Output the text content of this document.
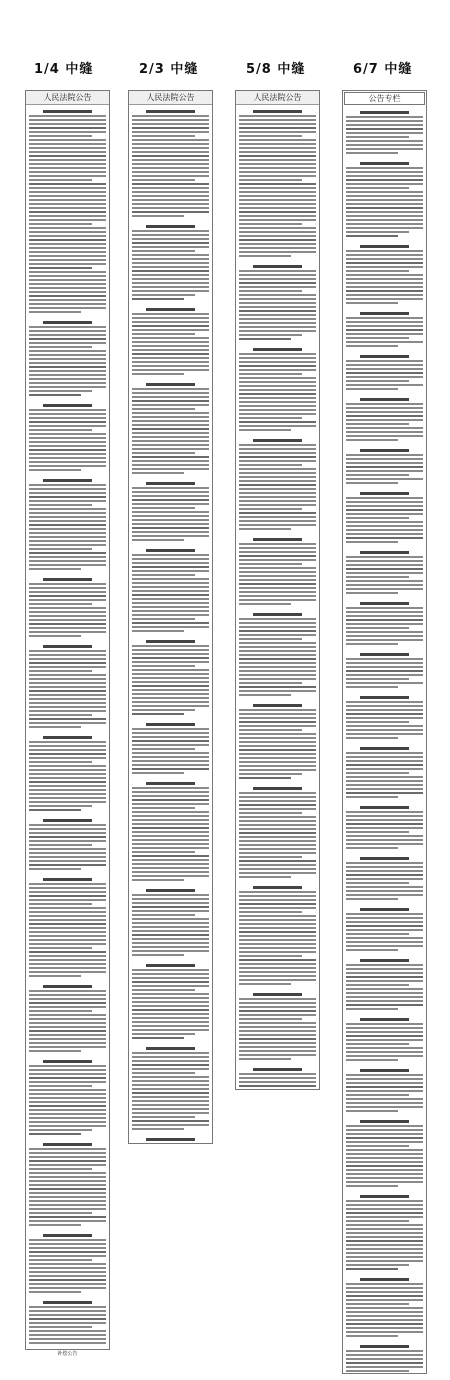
1/4 中缝	2/3 中缝	5/8 中缝	6/7 中缝
人民法院公告
补偿公告
人民法院公告	人民法院公告	公告专栏
